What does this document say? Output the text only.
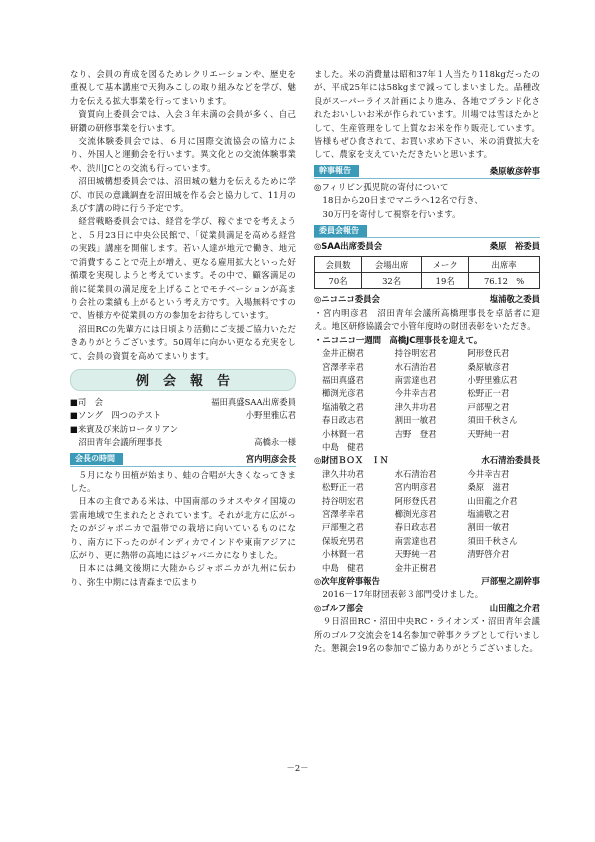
なり、会員の育成を図るためレクリエーションや、歴史を重視して基本講座で天狗みこしの取り組みなどを学び、魅力を伝える拡大事業を行ってまいります。

資質向上委員会では、入会３年未満の会員が多く、自己研鑽の研修事業を行います。

交流体験委員会では、６月に国際交流協会の協力により、外国人と運動会を行います。異文化との交流体験事業や、渋川JCとの交流も行っています。

沼田城構想委員会では、沼田城の魅力を伝えるために学び、市民の意識調査を沼田城を作る会と協力して、11月のゑびす講の時に行う予定です。

経営戦略委員会では、経営を学び、稼ぐまでを考えようと、５月23日に中央公民館で、「従業員満足を高める経営の実践」講座を開催します。若い人達が地元で働き、地元で消費することで売上が増え、更なる雇用拡大といった好循環を実現しようと考えています。その中で、顧客満足の前に従業員の満足度を上げることでモチベーションが高まり会社の業績も上がるという考え方です。入場無料ですので、皆様方や従業員の方の参加をお待ちしています。

沼田RCの先輩方には日頃より活動にご支援ご協力いただきありがとうございます。50周年に向かい更なる充実をして、会員の資質を高めてまいります。

例会報告
■司　会	福田真盛SAA出席委員
■ソング　四つのテスト	小野里雅広君
■来賓及び来訪ロータリアン
　沼田青年会議所理事長	高橋永一様
会長の時間	宮内明彦会長

５月になり田植が始まり、蛙の合唱が大きくなってきました。

日本の主食である米は、中国南部のラオスやタイ国境の雲南地域で生まれたとされています。それが北方に広がったのがジャポニカで温帯での栽培に向いているものになり、南方に下ったのがインディカでインドや東南アジアに広がり、更に熱帯の高地にはジャバニカになりました。

日本には縄文後期に大陸からジャポニカが九州に伝わり、弥生中期には青森まで広まり

ました。米の消費量は昭和37年１人当たり118kgだったのが、平成25年には58kgまで減ってしまいました。品種改良がスーパーライス計画により進み、各地でブランド化されたおいしいお米が作られています。川場では雪ほたかとして、生産管理をして上質なお米を作り販売しています。皆様もぜひ食されて、お買い求め下さい、米の消費拡大をして、農家を支えていただきたいと思います。

幹事報告	桑原敏彦幹事

◎フィリピン孤児院の寄付について

　18日から20日までマニラへ12名で行き、

　30万円を寄付して視察を行います。

委員会報告
◎SAA出席委員会	桑原　裕委員
会員数	会場出席	メーク	出席率
70名	32名	19名	76.12　%
◎ニコニコ委員会	塩浦敬之委員

・宮内明彦君　沼田青年会議所高橋理事長を卓話者に迎え。地区研修協議会で小管年度時の財団表彰をいただき。

・ニコニコ一週間　高橋JC理事長を迎えて。
金井正樹君	持谷明宏君	阿形登氏君
宮澤孝幸君	水石清治君	桑原敏彦君
福田真盛君	南雲達也君	小野里雅広君
櫛渕光彦君	今井幸吉君	松野正一君
塩浦敬之君	津久井功君	戸部聖之君
春日政志君	割田一敏君	須田千秋さん
小林賢一君	吉野　登君	天野純一君
中島　健君
◎財団ＢＯＸ　ＩＮ	水石清治委員長
津久井功君	水石清治君	今井幸吉君
松野正一君	宮内明彦君	桑原　滋君
持谷明宏君	阿形登氏君	山田龍之介君
宮澤孝幸君	櫛渕光彦君	塩浦敬之君
戸部聖之君	春日政志君	割田一敏君
保坂充男君	南雲達也君	須田千秋さん
小林賢一君	天野純一君	清野啓介君
中島　健君	金井正樹君
◎次年度幹事報告	戸部聖之副幹事

　2016－17年財団表彰３部門受けました。

◎ゴルフ部会	山田龍之介君

　９日沼田RC・沼田中央RC・ライオンズ・沼田青年会議所のゴルフ交流会を14名参加で幹事クラブとして行いました。懇親会19名の参加でご協力ありがとうございました。

－2－
